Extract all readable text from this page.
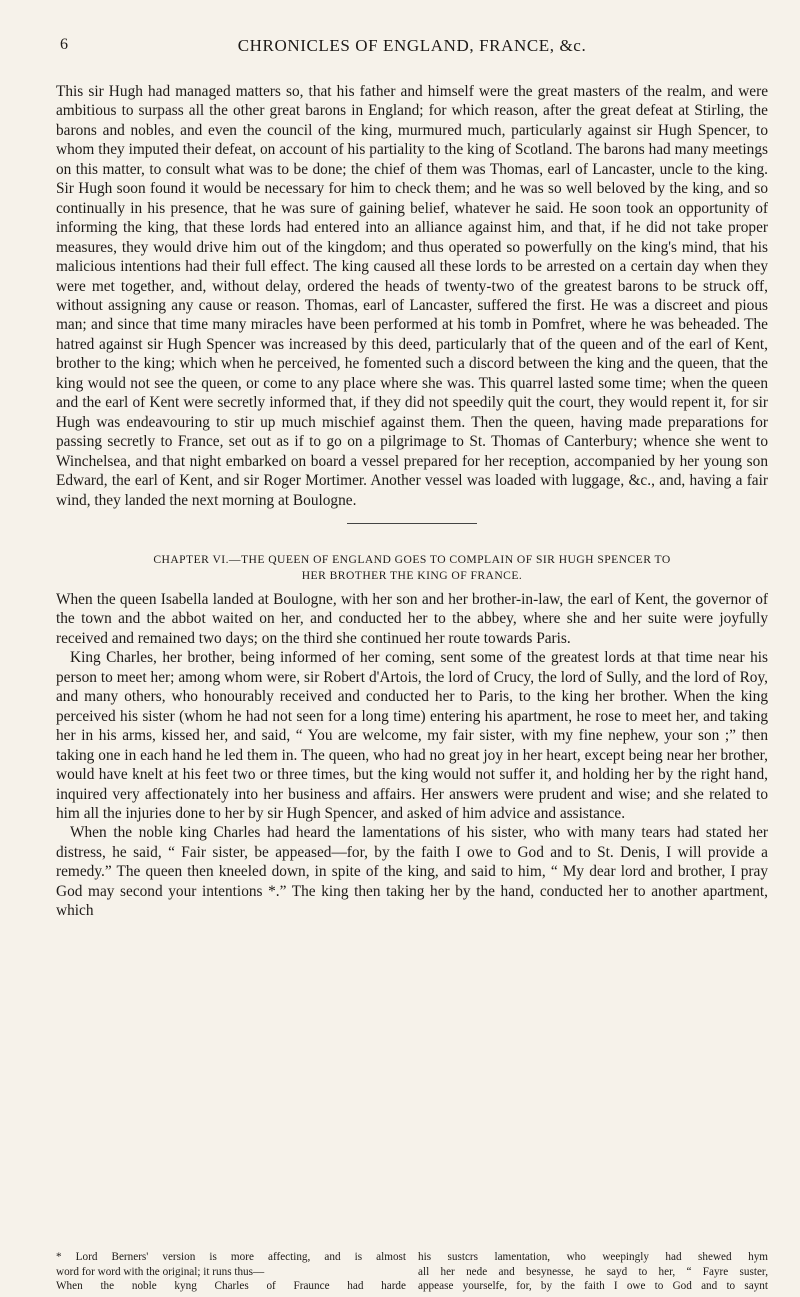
6	CHRONICLES OF ENGLAND, FRANCE, &c.

This sir Hugh had managed matters so, that his father and himself were the great masters of the realm, and were ambitious to surpass all the other great barons in England; for which reason, after the great defeat at Stirling, the barons and nobles, and even the council of the king, murmured much, particularly against sir Hugh Spencer, to whom they imputed their defeat, on account of his partiality to the king of Scotland. The barons had many meetings on this matter, to consult what was to be done; the chief of them was Thomas, earl of Lancaster, uncle to the king. Sir Hugh soon found it would be necessary for him to check them; and he was so well beloved by the king, and so continually in his presence, that he was sure of gaining belief, whatever he said. He soon took an opportunity of informing the king, that these lords had entered into an alliance against him, and that, if he did not take proper measures, they would drive him out of the kingdom; and thus operated so powerfully on the king's mind, that his malicious intentions had their full effect. The king caused all these lords to be arrested on a certain day when they were met together, and, without delay, ordered the heads of twenty-two of the greatest barons to be struck off, without assigning any cause or reason. Thomas, earl of Lancaster, suffered the first. He was a discreet and pious man; and since that time many miracles have been performed at his tomb in Pomfret, where he was beheaded. The hatred against sir Hugh Spencer was increased by this deed, particularly that of the queen and of the earl of Kent, brother to the king; which when he perceived, he fomented such a discord between the king and the queen, that the king would not see the queen, or come to any place where she was. This quarrel lasted some time; when the queen and the earl of Kent were secretly informed that, if they did not speedily quit the court, they would repent it, for sir Hugh was endeavouring to stir up much mischief against them. Then the queen, having made preparations for passing secretly to France, set out as if to go on a pilgrimage to St. Thomas of Canterbury; whence she went to Winchelsea, and that night embarked on board a vessel prepared for her reception, accompanied by her young son Edward, the earl of Kent, and sir Roger Mortimer. Another vessel was loaded with luggage, &c., and, having a fair wind, they landed the next morning at Boulogne.

CHAPTER VI.—THE QUEEN OF ENGLAND GOES TO COMPLAIN OF SIR HUGH SPENCER TO
HER BROTHER THE KING OF FRANCE.

When the queen Isabella landed at Boulogne, with her son and her brother-in-law, the earl of Kent, the governor of the town and the abbot waited on her, and conducted her to the abbey, where she and her suite were joyfully received and remained two days; on the third she continued her route towards Paris.

King Charles, her brother, being informed of her coming, sent some of the greatest lords at that time near his person to meet her; among whom were, sir Robert d'Artois, the lord of Crucy, the lord of Sully, and the lord of Roy, and many others, who honourably received and conducted her to Paris, to the king her brother. When the king perceived his sister (whom he had not seen for a long time) entering his apartment, he rose to meet her, and taking her in his arms, kissed her, and said, “ You are welcome, my fair sister, with my fine nephew, your son ;” then taking one in each hand he led them in. The queen, who had no great joy in her heart, except being near her brother, would have knelt at his feet two or three times, but the king would not suffer it, and holding her by the right hand, inquired very affectionately into her business and affairs. Her answers were prudent and wise; and she related to him all the injuries done to her by sir Hugh Spencer, and asked of him advice and assistance.

When the noble king Charles had heard the lamentations of his sister, who with many tears had stated her distress, he said, “ Fair sister, be appeased—for, by the faith I owe to God and to St. Denis, I will provide a remedy.” The queen then kneeled down, in spite of the king, and said to him, “ My dear lord and brother, I pray God may second your intentions *.” The king then taking her by the hand, conducted her to another apartment, which

* Lord Berners' version is more affecting, and is almost
word for word with the original; it runs thus—
When the noble kyng Charles of Fraunce had harde
his sustcrs lamentation, who weepingly had shewed hym
all her nede and besynesse, he sayd to her, “ Fayre suster,
appease yourselfe, for, by the faith I owe to God and to saynt
